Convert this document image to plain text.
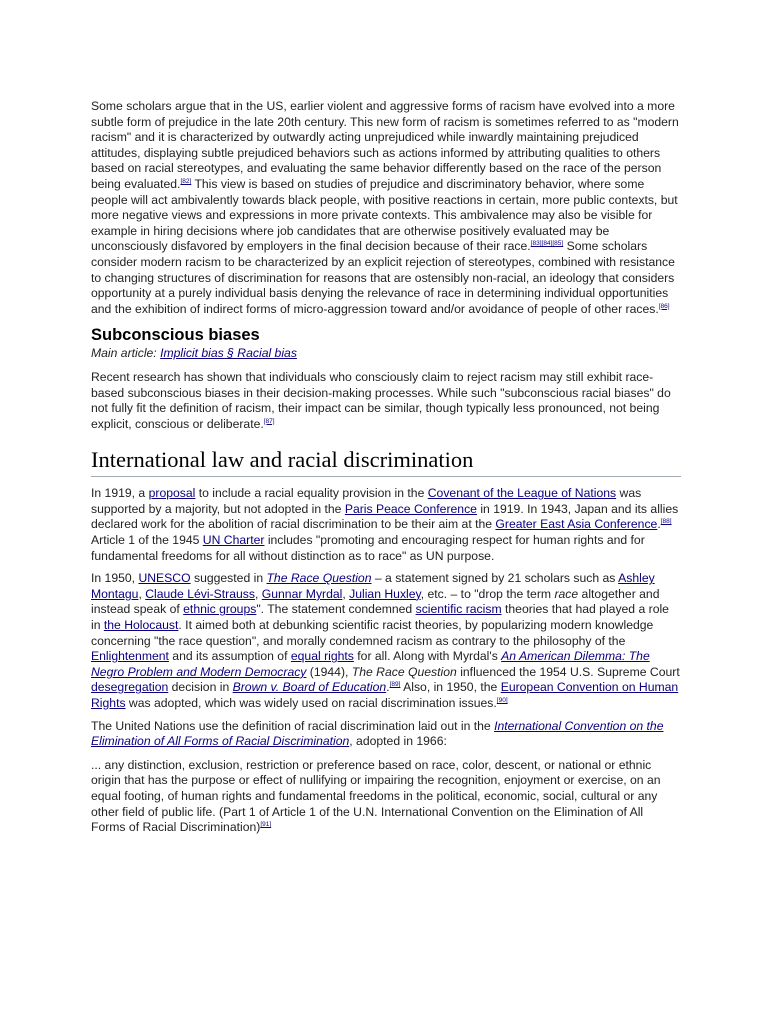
Some scholars argue that in the US, earlier violent and aggressive forms of racism have evolved into a more subtle form of prejudice in the late 20th century. This new form of racism is sometimes referred to as "modern racism" and it is characterized by outwardly acting unprejudiced while inwardly maintaining prejudiced attitudes, displaying subtle prejudiced behaviors such as actions informed by attributing qualities to others based on racial stereotypes, and evaluating the same behavior differently based on the race of the person being evaluated.[82] This view is based on studies of prejudice and discriminatory behavior, where some people will act ambivalently towards black people, with positive reactions in certain, more public contexts, but more negative views and expressions in more private contexts. This ambivalence may also be visible for example in hiring decisions where job candidates that are otherwise positively evaluated may be unconsciously disfavored by employers in the final decision because of their race.[83][84][85] Some scholars consider modern racism to be characterized by an explicit rejection of stereotypes, combined with resistance to changing structures of discrimination for reasons that are ostensibly non-racial, an ideology that considers opportunity at a purely individual basis denying the relevance of race in determining individual opportunities and the exhibition of indirect forms of micro-aggression toward and/or avoidance of people of other races.[86]

Subconscious biases
Main article: Implicit bias § Racial bias

Recent research has shown that individuals who consciously claim to reject racism may still exhibit race-based subconscious biases in their decision-making processes. While such "subconscious racial biases" do not fully fit the definition of racism, their impact can be similar, though typically less pronounced, not being explicit, conscious or deliberate.[87]

International law and racial discrimination

In 1919, a proposal to include a racial equality provision in the Covenant of the League of Nations was supported by a majority, but not adopted in the Paris Peace Conference in 1919. In 1943, Japan and its allies declared work for the abolition of racial discrimination to be their aim at the Greater East Asia Conference.[88] Article 1 of the 1945 UN Charter includes "promoting and encouraging respect for human rights and for fundamental freedoms for all without distinction as to race" as UN purpose.

In 1950, UNESCO suggested in The Race Question – a statement signed by 21 scholars such as Ashley Montagu, Claude Lévi-Strauss, Gunnar Myrdal, Julian Huxley, etc. – to "drop the term race altogether and instead speak of ethnic groups". The statement condemned scientific racism theories that had played a role in the Holocaust. It aimed both at debunking scientific racist theories, by popularizing modern knowledge concerning "the race question", and morally condemned racism as contrary to the philosophy of the Enlightenment and its assumption of equal rights for all. Along with Myrdal's An American Dilemma: The Negro Problem and Modern Democracy (1944), The Race Question influenced the 1954 U.S. Supreme Court desegregation decision in Brown v. Board of Education.[89] Also, in 1950, the European Convention on Human Rights was adopted, which was widely used on racial discrimination issues.[90]

The United Nations use the definition of racial discrimination laid out in the International Convention on the Elimination of All Forms of Racial Discrimination, adopted in 1966:

... any distinction, exclusion, restriction or preference based on race, color, descent, or national or ethnic origin that has the purpose or effect of nullifying or impairing the recognition, enjoyment or exercise, on an equal footing, of human rights and fundamental freedoms in the political, economic, social, cultural or any other field of public life. (Part 1 of Article 1 of the U.N. International Convention on the Elimination of All Forms of Racial Discrimination)[91]
